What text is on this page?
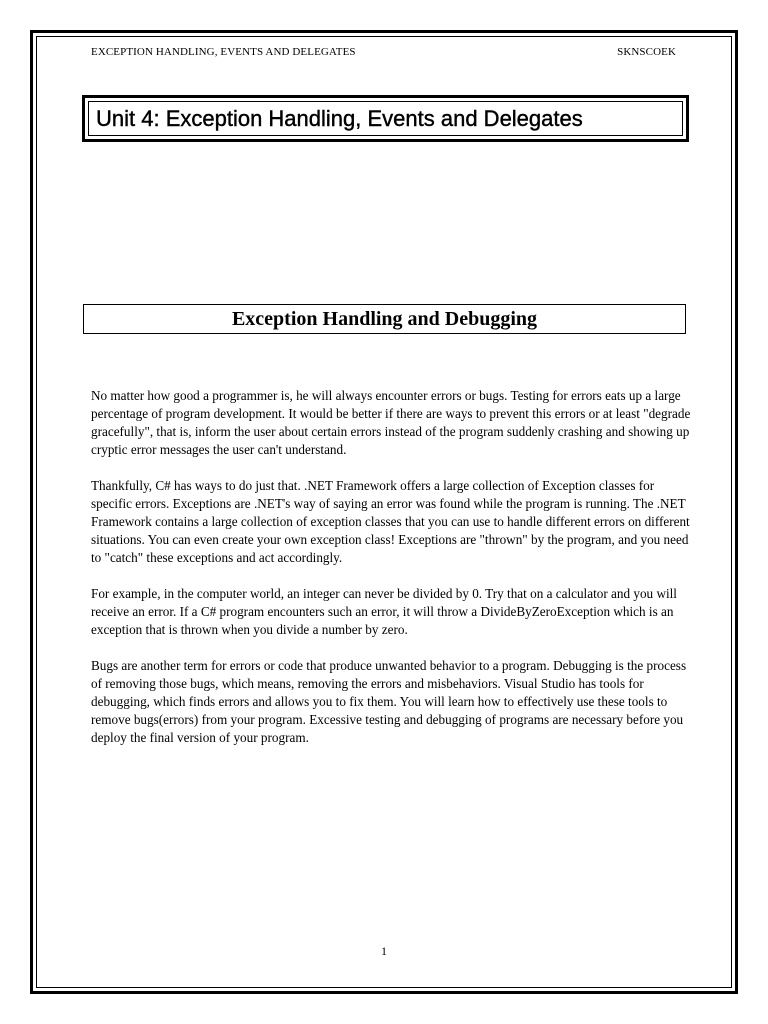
EXCEPTION HANDLING, EVENTS AND DELEGATES	SKNSCOEK
Unit 4: Exception Handling, Events and Delegates
Exception Handling and Debugging

No matter how good a programmer is, he will always encounter errors or bugs. Testing for errors eats up a large percentage of program development. It would be better if there are ways to prevent this errors or at least "degrade gracefully", that is, inform the user about certain errors instead of the program suddenly crashing and showing up cryptic error messages the user can't understand.

Thankfully, C# has ways to do just that. .NET Framework offers a large collection of Exception classes for specific errors. Exceptions are .NET's way of saying an error was found while the program is running. The .NET Framework contains a large collection of exception classes that you can use to handle different errors on different situations. You can even create your own exception class! Exceptions are "thrown" by the program, and you need to "catch" these exceptions and act accordingly.

For example, in the computer world, an integer can never be divided by 0. Try that on a calculator and you will receive an error. If a C# program encounters such an error, it will throw a DivideByZeroException which is an exception that is thrown when you divide a number by zero.

Bugs are another term for errors or code that produce unwanted behavior to a program. Debugging is the process of removing those bugs, which means, removing the errors and misbehaviors. Visual Studio has tools for debugging, which finds errors and allows you to fix them. You will learn how to effectively use these tools to remove bugs(errors) from your program. Excessive testing and debugging of programs are necessary before you deploy the final version of your program.

1
